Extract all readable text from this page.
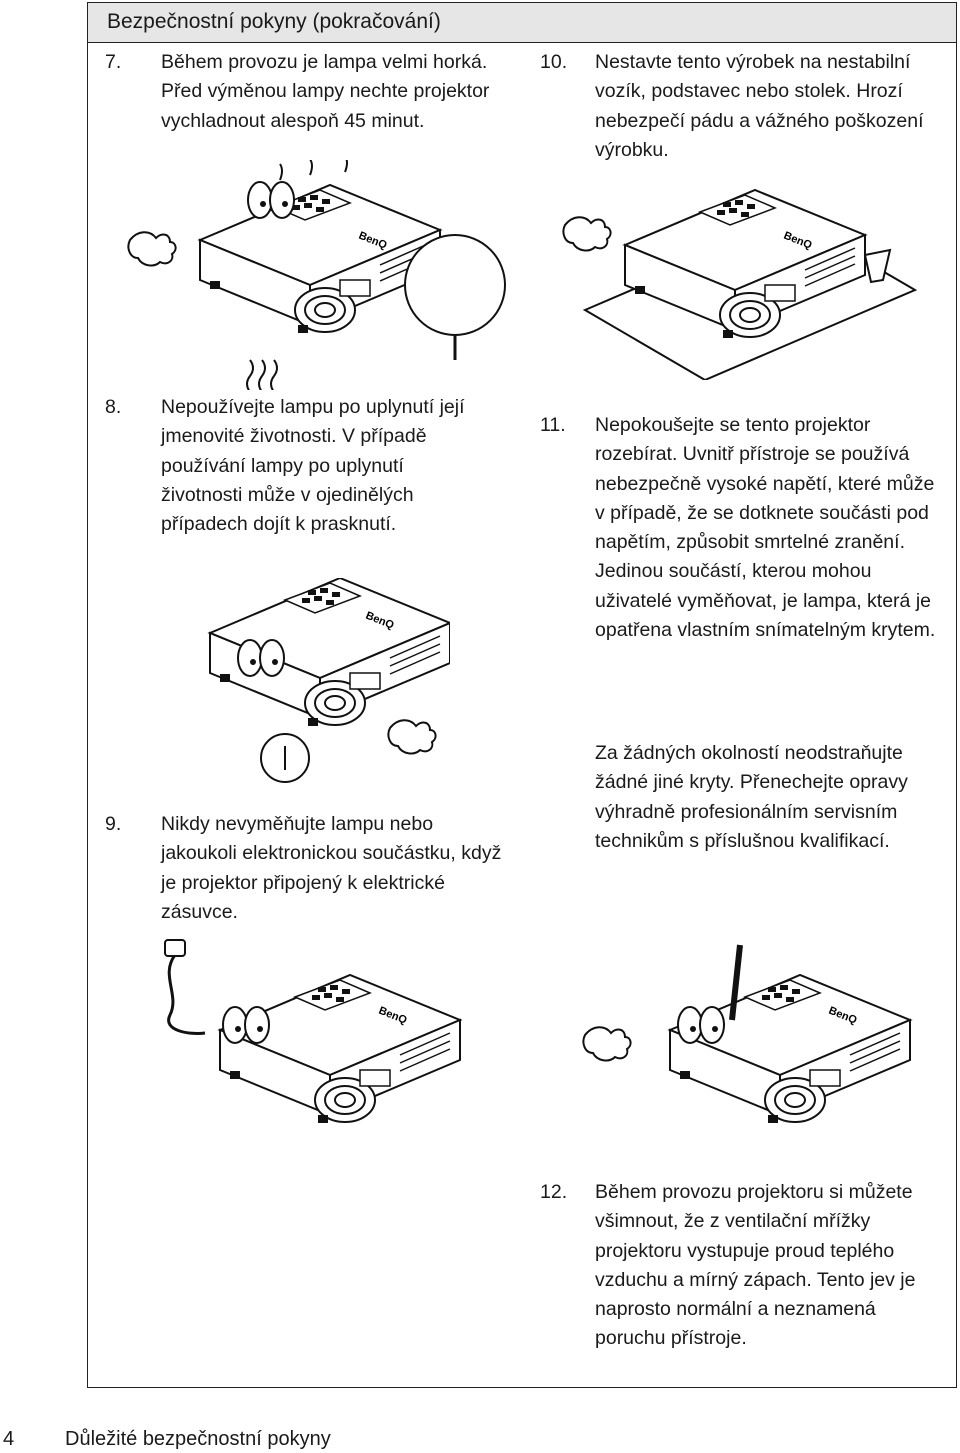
Bezpečnostní pokyny (pokračování)
7. Během provozu je lampa velmi horká. Před výměnou lampy nechte projektor vychladnout alespoň 45 minut.
8. Nepoužívejte lampu po uplynutí její jmenovité životnosti. V případě používání lampy po uplynutí životnosti může v ojedinělých případech dojít k prasknutí.
9. Nikdy nevyměňujte lampu nebo jakoukoli elektronickou součástku, když je projektor připojený k elektrické zásuvce.
10. Nestavte tento výrobek na nestabilní vozík, podstavec nebo stolek. Hrozí nebezpečí pádu a vážného poškození výrobku.
11. Nepokoušejte se tento projektor rozebírat. Uvnitř přístroje se používá nebezpečně vysoké napětí, které může v případě, že se dotknete součásti pod napětím, způsobit smrtelné zranění. Jedinou součástí, kterou mohou uživatelé vyměňovat, je lampa, která je opatřena vlastním snímatelným krytem.
Za žádných okolností neodstraňujte žádné jiné kryty. Přenechejte opravy výhradně profesionálním servisním technikům s příslušnou kvalifikací.
12. Během provozu projektoru si můžete všimnout, že z ventilační mřížky projektoru vystupuje proud teplého vzduchu a mírný zápach. Tento jev je naprosto normální a neznamená poruchu přístroje.
BenQ	BenQ
BenQ
BenQ
BenQ
4	Důležité bezpečnostní pokyny
